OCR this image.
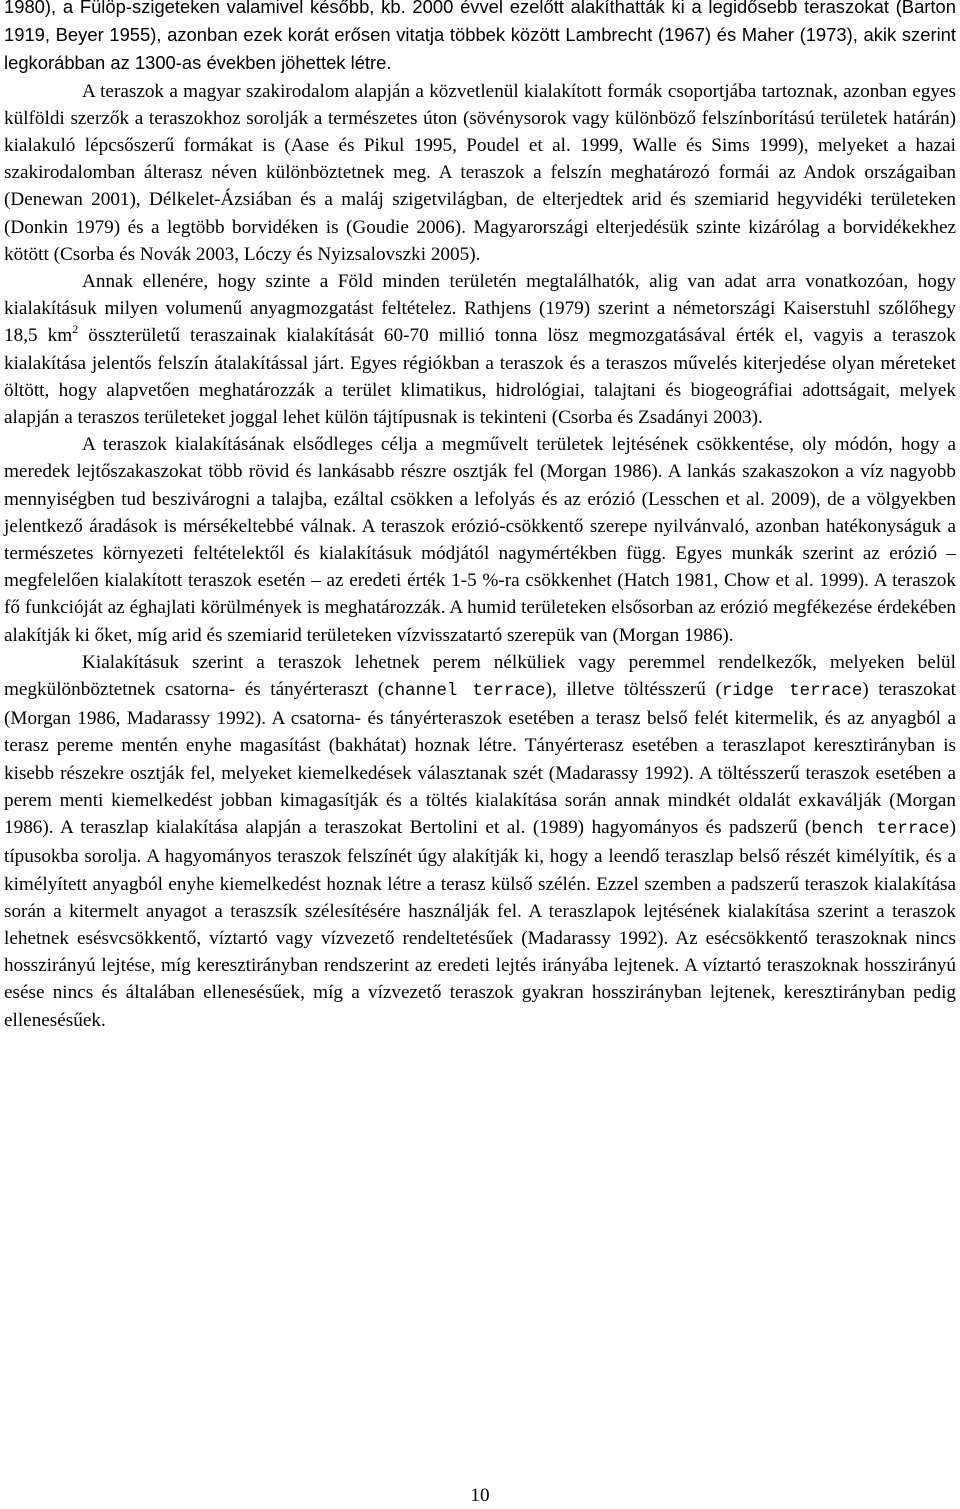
1980), a Fülöp-szigeteken valamivel később, kb. 2000 évvel ezelőtt alakíthatták ki a legidősebb teraszokat (Barton 1919, Beyer 1955), azonban ezek korát erősen vitatja többek között Lambrecht (1967) és Maher (1973), akik szerint legkorábban az 1300-as években jöhettek létre.

A teraszok a magyar szakirodalom alapján a közvetlenül kialakított formák csoportjába tartoznak, azonban egyes külföldi szerzők a teraszokhoz sorolják a természetes úton (sövénysorok vagy különböző felszínborítású területek határán) kialakuló lépcsőszerű formákat is (Aase és Pikul 1995, Poudel et al. 1999, Walle és Sims 1999), melyeket a hazai szakirodalomban álterasz néven különböztetnek meg. A teraszok a felszín meghatározó formái az Andok országaiban (Denewan 2001), Délkelet-Ázsiában és a maláj szigetvilágban, de elterjedtek arid és szemiarid hegyvidéki területeken (Donkin 1979) és a legtöbb borvidéken is (Goudie 2006). Magyarországi elterjedésük szinte kizárólag a borvidékekhez kötött (Csorba és Novák 2003, Lóczy és Nyizsalovszki 2005).

Annak ellenére, hogy szinte a Föld minden területén megtalálhatók, alig van adat arra vonatkozóan, hogy kialakításuk milyen volumenű anyagmozgatást feltételez. Rathjens (1979) szerint a németországi Kaiserstuhl szőlőhegy 18,5 $km^2$ összterületű teraszainak kialakítását 60-70 millió tonna lösz megmozgatásával érték el, vagyis a teraszok kialakítása jelentős felszín átalakítással járt. Egyes régiókban a teraszok és a teraszos művelés kiterjedése olyan méreteket öltött, hogy alapvetően meghatározzák a terület klimatikus, hidrológiai, talajtani és biogeográfiai adottságait, melyek alapján a teraszos területeket joggal lehet külön tájtípusnak is tekinteni (Csorba és Zsadányi 2003).

A teraszok kialakításának elsődleges célja a megművelt területek lejtésének csökkentése, oly módón, hogy a meredek lejtőszakaszokat több rövid és lankásabb részre osztják fel (Morgan 1986). A lankás szakaszokon a víz nagyobb mennyiségben tud beszivárogni a talajba, ezáltal csökken a lefolyás és az erózió (Lesschen et al. 2009), de a völgyekben jelentkező áradások is mérsékeltebbé válnak. A teraszok erózió-csökkentő szerepe nyilvánvaló, azonban hatékonyságuk a természetes környezeti feltételektől és kialakításuk módjától nagymértékben függ. Egyes munkák szerint az erózió – megfelelően kialakított teraszok esetén – az eredeti érték 1-5 %-ra csökkenhet (Hatch 1981, Chow et al. 1999). A teraszok fő funkcióját az éghajlati körülmények is meghatározzák. A humid területeken elsősorban az erózió megfékezése érdekében alakítják ki őket, míg arid és szemiarid területeken vízvisszatartó szerepük van (Morgan 1986).

Kialakításuk szerint a teraszok lehetnek perem nélküliek vagy peremmel rendelkezők, melyeken belül megkülönböztetnek csatorna- és tányérteraszt (channel terrace), illetve töltésszerű (ridge terrace) teraszokat (Morgan 1986, Madarassy 1992). A csatorna- és tányérteraszok esetében a terasz belső felét kitermelik, és az anyagból a terasz pereme mentén enyhe magasítást (bakhátat) hoznak létre. Tányérterasz esetében a teraszlapot keresztirányban is kisebb részekre osztják fel, melyeket kiemelkedések választanak szét (Madarassy 1992). A töltésszerű teraszok esetében a perem menti kiemelkedést jobban kimagasítják és a töltés kialakítása során annak mindkét oldalát exkaválják (Morgan 1986). A teraszlap kialakítása alapján a teraszokat Bertolini et al. (1989) hagyományos és padszerű (bench terrace) típusokba sorolja. A hagyományos teraszok felszínét úgy alakítják ki, hogy a leendő teraszlap belső részét kimélyítik, és a kimélyített anyagból enyhe kiemelkedést hoznak létre a terasz külső szélén. Ezzel szemben a padszerű teraszok kialakítása során a kitermelt anyagot a teraszsík szélesítésére használják fel. A teraszlapok lejtésének kialakítása szerint a teraszok lehetnek esésvcsökkentő, víztartó vagy vízvezető rendeltetésűek (Madarassy 1992). Az esécsökkentő teraszoknak nincs hosszirányú lejtése, míg keresztirányban rendszerint az eredeti lejtés irányába lejtenek. A víztartó teraszoknak hosszirányú esése nincs és általában ellenesésűek, míg a vízvezető teraszok gyakran hosszirányban lejtenek, keresztirányban pedig ellenesésűek.

10
